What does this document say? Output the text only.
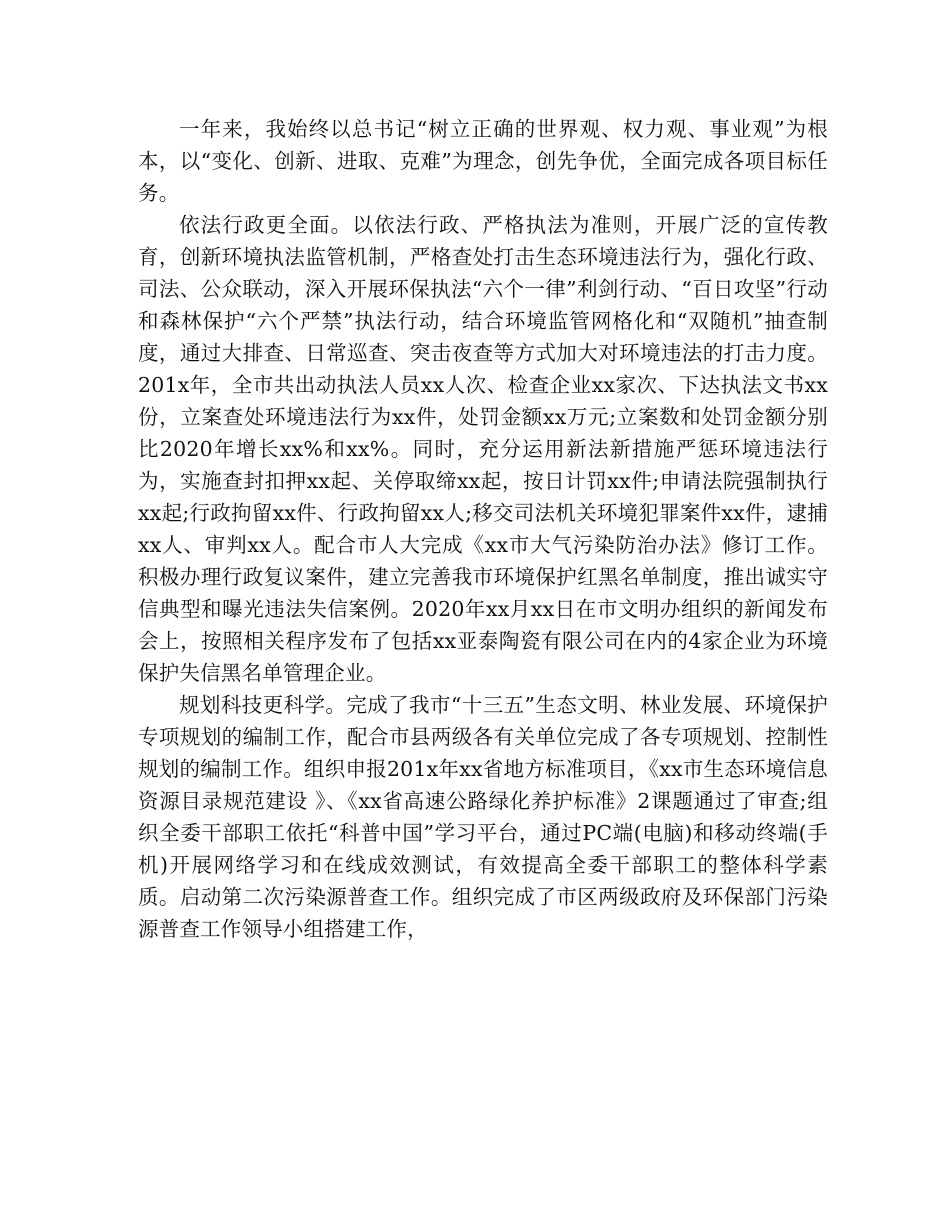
一年来，我始终以总书记“树立正确的世界观、权力观、事业观”为根本，以“变化、创新、进取、克难”为理念，创先争优，全面完成各项目标任务。

依法行政更全面。以依法行政、严格执法为准则，开展广泛的宣传教育，创新环境执法监管机制，严格查处打击生态环境违法行为，强化行政、司法、公众联动，深入开展环保执法“六个一律”利剑行动、“百日攻坚”行动和森林保护“六个严禁”执法行动，结合环境监管网格化和“双随机”抽查制度，通过大排查、日常巡查、突击夜查等方式加大对环境违法的打击力度。201x年，全市共出动执法人员xx人次、检查企业xx家次、下达执法文书xx份，立案查处环境违法行为xx件，处罚金额xx万元;立案数和处罚金额分别比2020年增长xx%和xx%。同时，充分运用新法新措施严惩环境违法行为，实施查封扣押xx起、关停取缔xx起，按日计罚xx件;申请法院强制执行xx起;行政拘留xx件、行政拘留xx人;移交司法机关环境犯罪案件xx件，逮捕xx人、审判xx人。配合市人大完成《xx市大气污染防治办法》修订工作。积极办理行政复议案件，建立完善我市环境保护红黑名单制度，推出诚实守信典型和曝光违法失信案例。2020年xx月xx日在市文明办组织的新闻发布会上，按照相关程序发布了包括xx亚泰陶瓷有限公司在内的4家企业为环境保护失信黑名单管理企业。

规划科技更科学。完成了我市“十三五”生态文明、林业发展、环境保护专项规划的编制工作，配合市县两级各有关单位完成了各专项规划、控制性规划的编制工作。组织申报201x年xx省地方标准项目，《xx市生态环境信息资源目录规范建设 》、《xx省高速公路绿化养护标准》2课题通过了审查;组织全委干部职工依托“科普中国”学习平台，通过PC端(电脑)和移动终端(手机)开展网络学习和在线成效测试，有效提高全委干部职工的整体科学素质。启动第二次污染源普查工作。组织完成了市区两级政府及环保部门污染源普查工作领导小组搭建工作，
